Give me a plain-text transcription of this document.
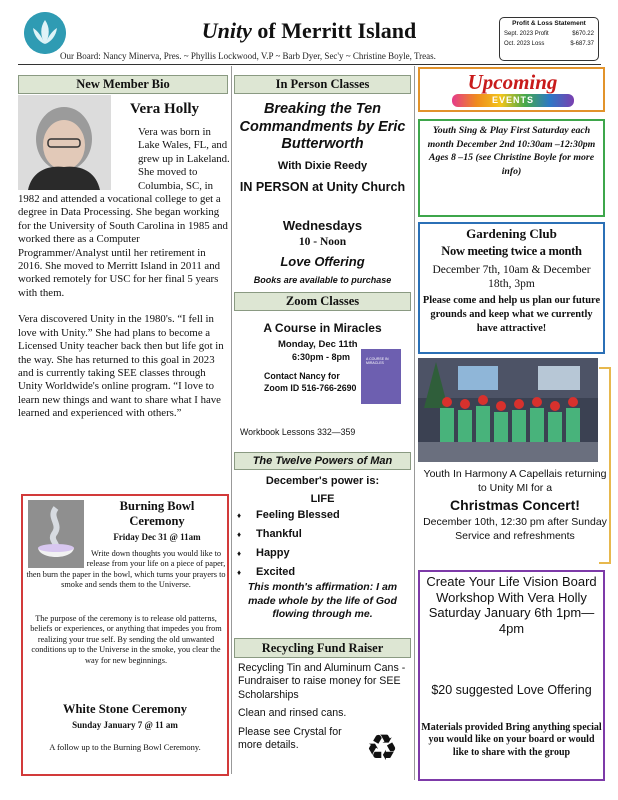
Unity of Merritt Island
Our Board: Nancy Minerva, Pres. ~ Phyllis Lockwood, V.P ~ Barb Dyer, Sec'y ~ Christine Boyle, Treas.
Profit & Loss Statement
Sept. 2023 Profit	$670.22
Oct. 2023 Loss	$-687.37
New Member Bio
Vera Holly

Vera was born in Lake Wales, FL, and grew up in Lakeland. She moved to Columbia, SC, in 1982 and attended a vocational college to get a degree in Data Processing. She began working for the University of South Carolina in 1985 and worked there as a Computer Programmer/Analyst until her retirement in 2016. She moved to Merritt Island in 2011 and worked remotely for USC for her final 5 years with them.

Vera discovered Unity in the 1980's. “I fell in love with Unity.” She had plans to become a Licensed Unity teacher back then but life got in the way. She has returned to this goal in 2023 and is currently taking SEE classes through Unity Worldwide's online program. “I love to learn new things and want to share what I have learned and experienced with others.”

Burning Bowl Ceremony
Friday Dec 31 @ 11am
Write down thoughts you would like to release from your life on a piece of paper, then burn the paper in the bowl, which turns your prayers to smoke and sends them to the Universe.
The purpose of the ceremony is to release old patterns, beliefs or experiences, or anything that impedes you from realizing your true self. By sending the old unwanted conditions up to the Universe in the smoke, you clear the way for new beginnings.
White Stone Ceremony
Sunday January 7 @ 11 am
A follow up to the Burning Bowl Ceremony.
In Person Classes
Breaking the Ten Commandments by Eric Butterworth
With Dixie Reedy
IN PERSON at Unity Church
Wednesdays
10 - Noon
Love Offering
Books are available to purchase
Zoom Classes
A Course in Miracles
Monday, Dec 11th
6:30pm - 8pm
Contact Nancy for Zoom ID 516-766-2690
A COURSE IN MIRACLES
Workbook Lessons 332—359
The Twelve Powers of Man
December's power is:
LIFE
♦ Feeling Blessed
♦ Thankful
♦ Happy
♦ Excited
This month's affirmation: I am made whole by the life of God flowing through me.
Recycling Fund Raiser

Recycling Tin and Aluminum Cans - Fundraiser to raise money for SEE Scholarships

Clean and rinsed cans.

Please see Crystal for more details.	♻
Upcoming
EVENTS
Youth Sing & Play First Saturday each month December 2nd 10:30am –12:30pm Ages 8 –15 (see Christine Boyle for more info)
Gardening Club
Now meeting twice a month
December 7th, 10am & December 18th, 3pm
Please come and help us plan our future grounds and keep what we currently have attractive!
Youth In Harmony A Capellais returning to Unity MI for a
Christmas Concert!
December 10th, 12:30 pm after Sunday Service and refreshments
Create Your Life Vision Board Workshop With Vera Holly Saturday January 6th 1pm—4pm
$20 suggested Love Offering
Materials provided Bring anything special you would like on your board or would like to share with the group
